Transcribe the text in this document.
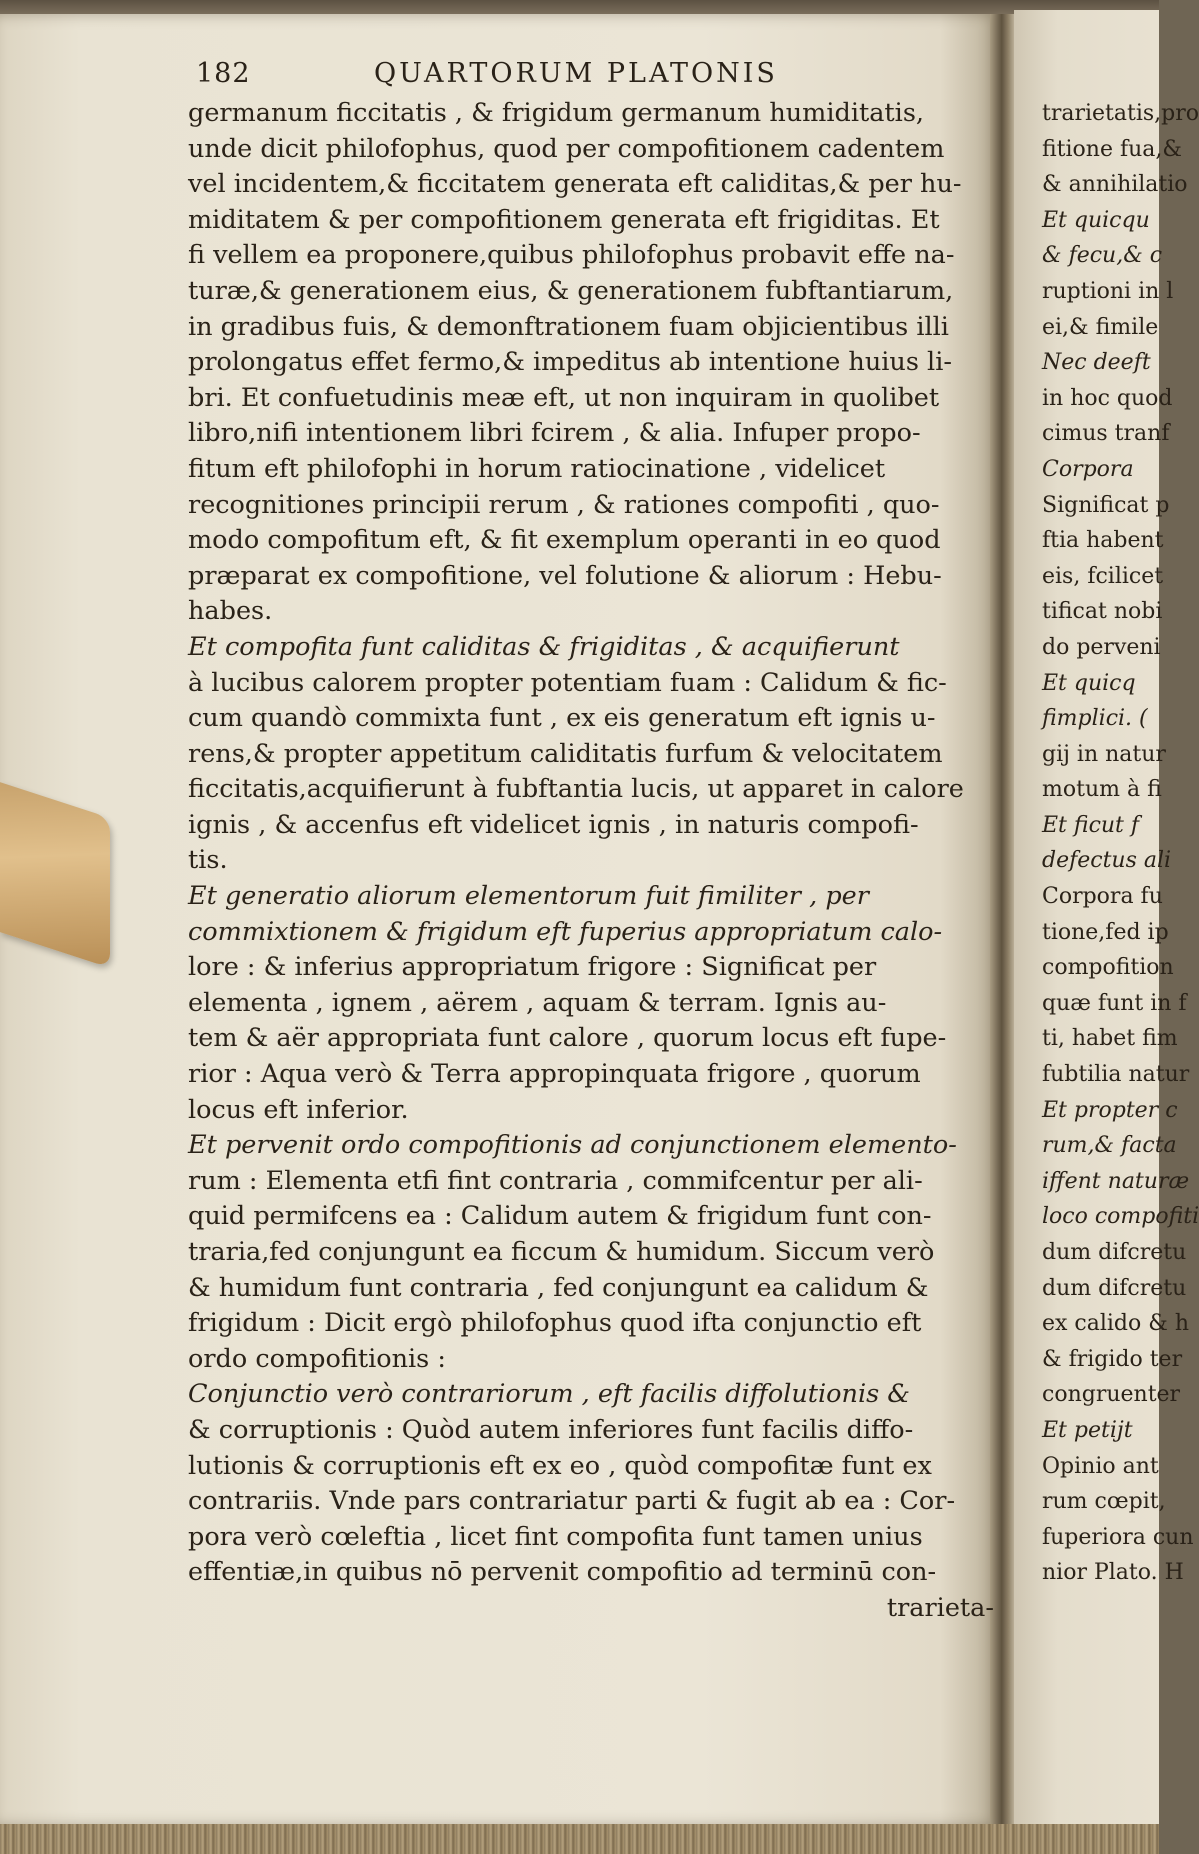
182	QUARTORUM PLATONIS
germanum ficcitatis , & frigidum germanum humiditatis,
unde dicit philofophus, quod per compofitionem cadentem
vel incidentem,& ficcitatem generata eft caliditas,& per hu-
miditatem & per compofitionem generata eft frigiditas. Et
fi vellem ea proponere,quibus philofophus probavit effe na-
turæ,& generationem eius, & generationem fubftantiarum,
in gradibus fuis, & demonftrationem fuam objicientibus illi
prolongatus effet fermo,& impeditus ab intentione huius li-
bri. Et confuetudinis meæ eft, ut non inquiram in quolibet
libro,nifi intentionem libri fcirem , & alia. Infuper propo-
fitum eft philofophi in horum ratiocinatione , videlicet
recognitiones principii rerum , & rationes compofiti , quo-
modo compofitum eft, & fit exemplum operanti in eo quod
præparat ex compofitione, vel folutione & aliorum : Hebu-
habes.
Et compofita funt caliditas & frigiditas , & acquifierunt
à lucibus calorem propter potentiam fuam : Calidum & fic-
cum quandò commixta funt , ex eis generatum eft ignis u-
rens,& propter appetitum caliditatis furfum & velocitatem
ficcitatis,acquifierunt à fubftantia lucis, ut apparet in calore
ignis , & accenfus eft videlicet ignis , in naturis compofi-
tis.
Et generatio aliorum elementorum fuit fimiliter , per
commixtionem & frigidum eft fuperius appropriatum calo-
lore : & inferius appropriatum frigore : Significat per
elementa , ignem , aërem , aquam & terram. Ignis au-
tem & aër appropriata funt calore , quorum locus eft fupe-
rior : Aqua verò & Terra appropinquata frigore , quorum
locus eft inferior.
Et pervenit ordo compofitionis ad conjunctionem elemento-
rum : Elementa etfi fint contraria , commifcentur per ali-
quid permifcens ea : Calidum autem & frigidum funt con-
traria,fed conjungunt ea ficcum & humidum. Siccum verò
& humidum funt contraria , fed conjungunt ea calidum &
frigidum : Dicit ergò philofophus quod ifta conjunctio eft
ordo compofitionis :
Conjunctio verò contrariorum , eft facilis diffolutionis &
& corruptionis : Quòd autem inferiores funt facilis diffo-
lutionis & corruptionis eft ex eo , quòd compofitæ funt ex
contrariis. Vnde pars contrariatur parti & fugit ab ea : Cor-
pora verò cœleftia , licet fint compofita funt tamen unius
effentiæ,in quibus nō pervenit compofitio ad terminū con-
trarieta-
trarietatis,pro
fitione fua,&
& annihilatio
Et quicqu
& fecu,& c
ruptioni in l
ei,& fimile
Nec deeft
in hoc quod
cimus tranf
Corpora
Significat p
ftia habent
eis, fcilicet
tificat nobi
do perveni
Et quicq
fimplici. (
gij in natur
motum à fi
Et ficut f
defectus ali
Corpora fu
tione,fed ip
compofition
quæ funt in f
ti, habet fim
fubtilia natur
Et propter c
rum,& facta
iffent naturæ
loco compofiti
dum difcretu
dum difcretu
ex calido & h
& frigido ter
congruenter
Et petijt
Opinio ant
rum cœpit,
fuperiora cun
nior Plato. H
